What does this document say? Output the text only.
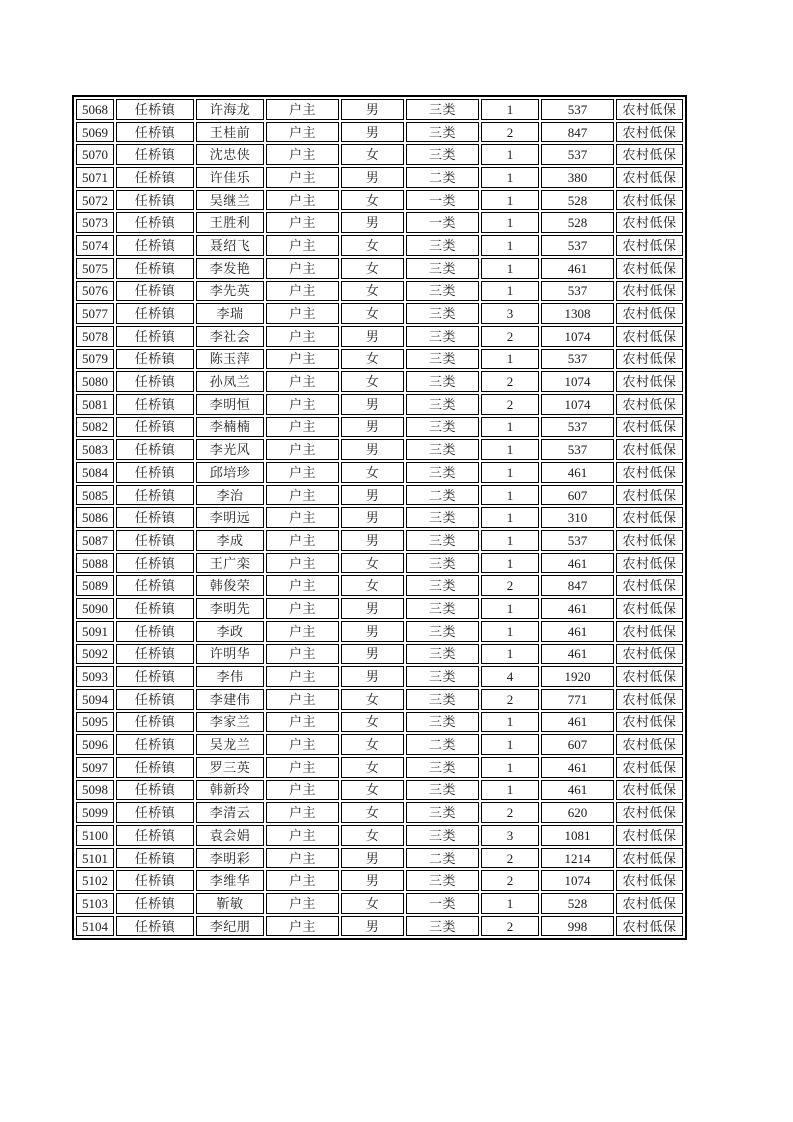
5068	任桥镇	许海龙	户主	男	三类	1	537	农村低保
5069	任桥镇	王桂前	户主	男	三类	2	847	农村低保
5070	任桥镇	沈忠侠	户主	女	三类	1	537	农村低保
5071	任桥镇	许佳乐	户主	男	二类	1	380	农村低保
5072	任桥镇	吴继兰	户主	女	一类	1	528	农村低保
5073	任桥镇	王胜利	户主	男	一类	1	528	农村低保
5074	任桥镇	聂绍飞	户主	女	三类	1	537	农村低保
5075	任桥镇	李发艳	户主	女	三类	1	461	农村低保
5076	任桥镇	李先英	户主	女	三类	1	537	农村低保
5077	任桥镇	李瑞	户主	女	三类	3	1308	农村低保
5078	任桥镇	李社会	户主	男	三类	2	1074	农村低保
5079	任桥镇	陈玉萍	户主	女	三类	1	537	农村低保
5080	任桥镇	孙凤兰	户主	女	三类	2	1074	农村低保
5081	任桥镇	李明恒	户主	男	三类	2	1074	农村低保
5082	任桥镇	李楠楠	户主	男	三类	1	537	农村低保
5083	任桥镇	李光风	户主	男	三类	1	537	农村低保
5084	任桥镇	邱培珍	户主	女	三类	1	461	农村低保
5085	任桥镇	李治	户主	男	二类	1	607	农村低保
5086	任桥镇	李明远	户主	男	三类	1	310	农村低保
5087	任桥镇	李成	户主	男	三类	1	537	农村低保
5088	任桥镇	王广栾	户主	女	三类	1	461	农村低保
5089	任桥镇	韩俊荣	户主	女	三类	2	847	农村低保
5090	任桥镇	李明先	户主	男	三类	1	461	农村低保
5091	任桥镇	李政	户主	男	三类	1	461	农村低保
5092	任桥镇	许明华	户主	男	三类	1	461	农村低保
5093	任桥镇	李伟	户主	男	三类	4	1920	农村低保
5094	任桥镇	李建伟	户主	女	三类	2	771	农村低保
5095	任桥镇	李家兰	户主	女	三类	1	461	农村低保
5096	任桥镇	吴龙兰	户主	女	二类	1	607	农村低保
5097	任桥镇	罗三英	户主	女	三类	1	461	农村低保
5098	任桥镇	韩新玲	户主	女	三类	1	461	农村低保
5099	任桥镇	李清云	户主	女	三类	2	620	农村低保
5100	任桥镇	袁会娟	户主	女	三类	3	1081	农村低保
5101	任桥镇	李明彩	户主	男	二类	2	1214	农村低保
5102	任桥镇	李维华	户主	男	三类	2	1074	农村低保
5103	任桥镇	靳敏	户主	女	一类	1	528	农村低保
5104	任桥镇	李纪朋	户主	男	三类	2	998	农村低保
